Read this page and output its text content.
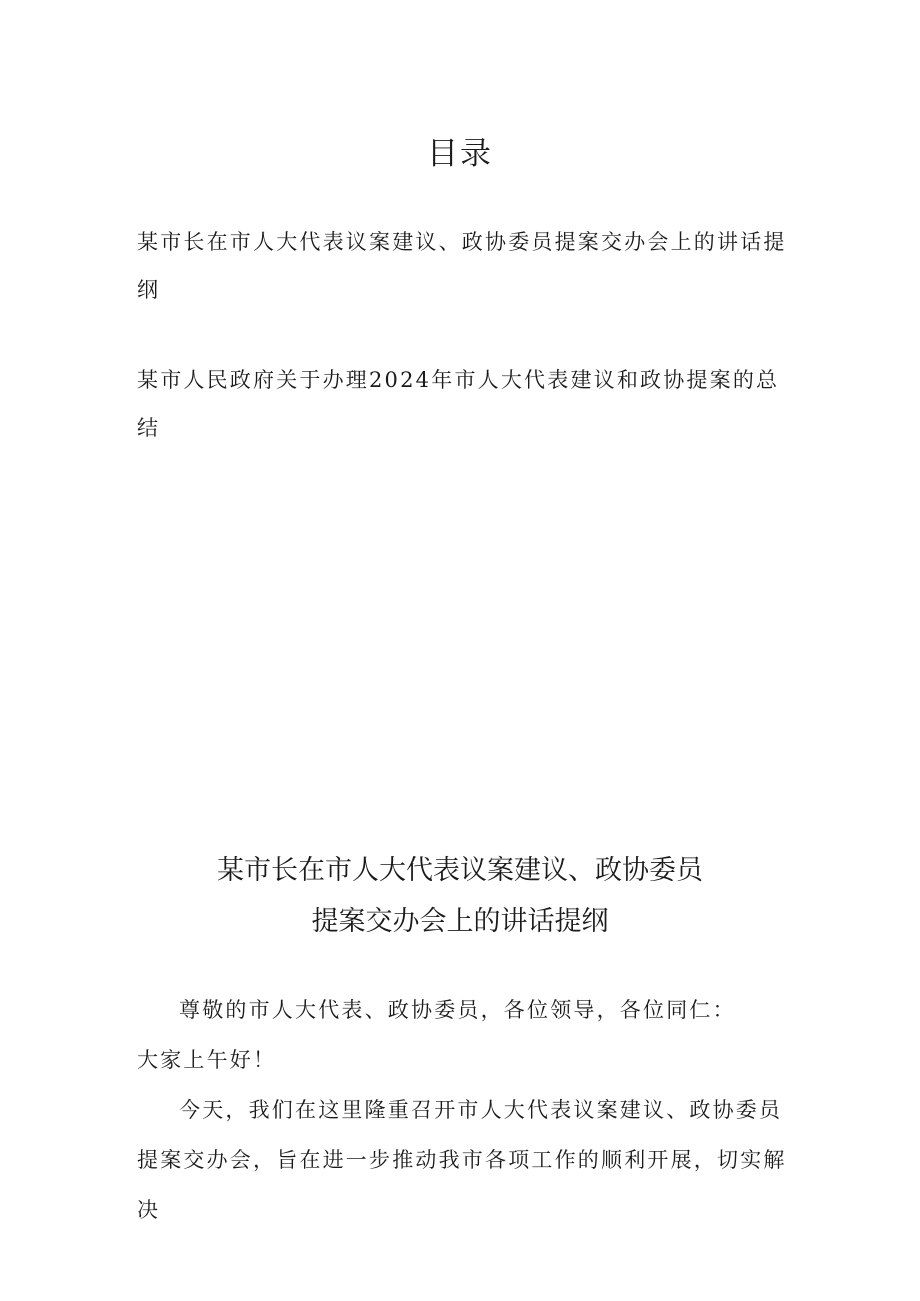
目录
某市长在市人大代表议案建议、政协委员提案交办会上的讲话提纲
某市人民政府关于办理2024年市人大代表建议和政协提案的总结
某市长在市人大代表议案建议、政协委员
提案交办会上的讲话提纲

尊敬的市人大代表、政协委员，各位领导，各位同仁：

大家上午好！

今天，我们在这里隆重召开市人大代表议案建议、政协委员提案交办会，旨在进一步推动我市各项工作的顺利开展，切实解决
